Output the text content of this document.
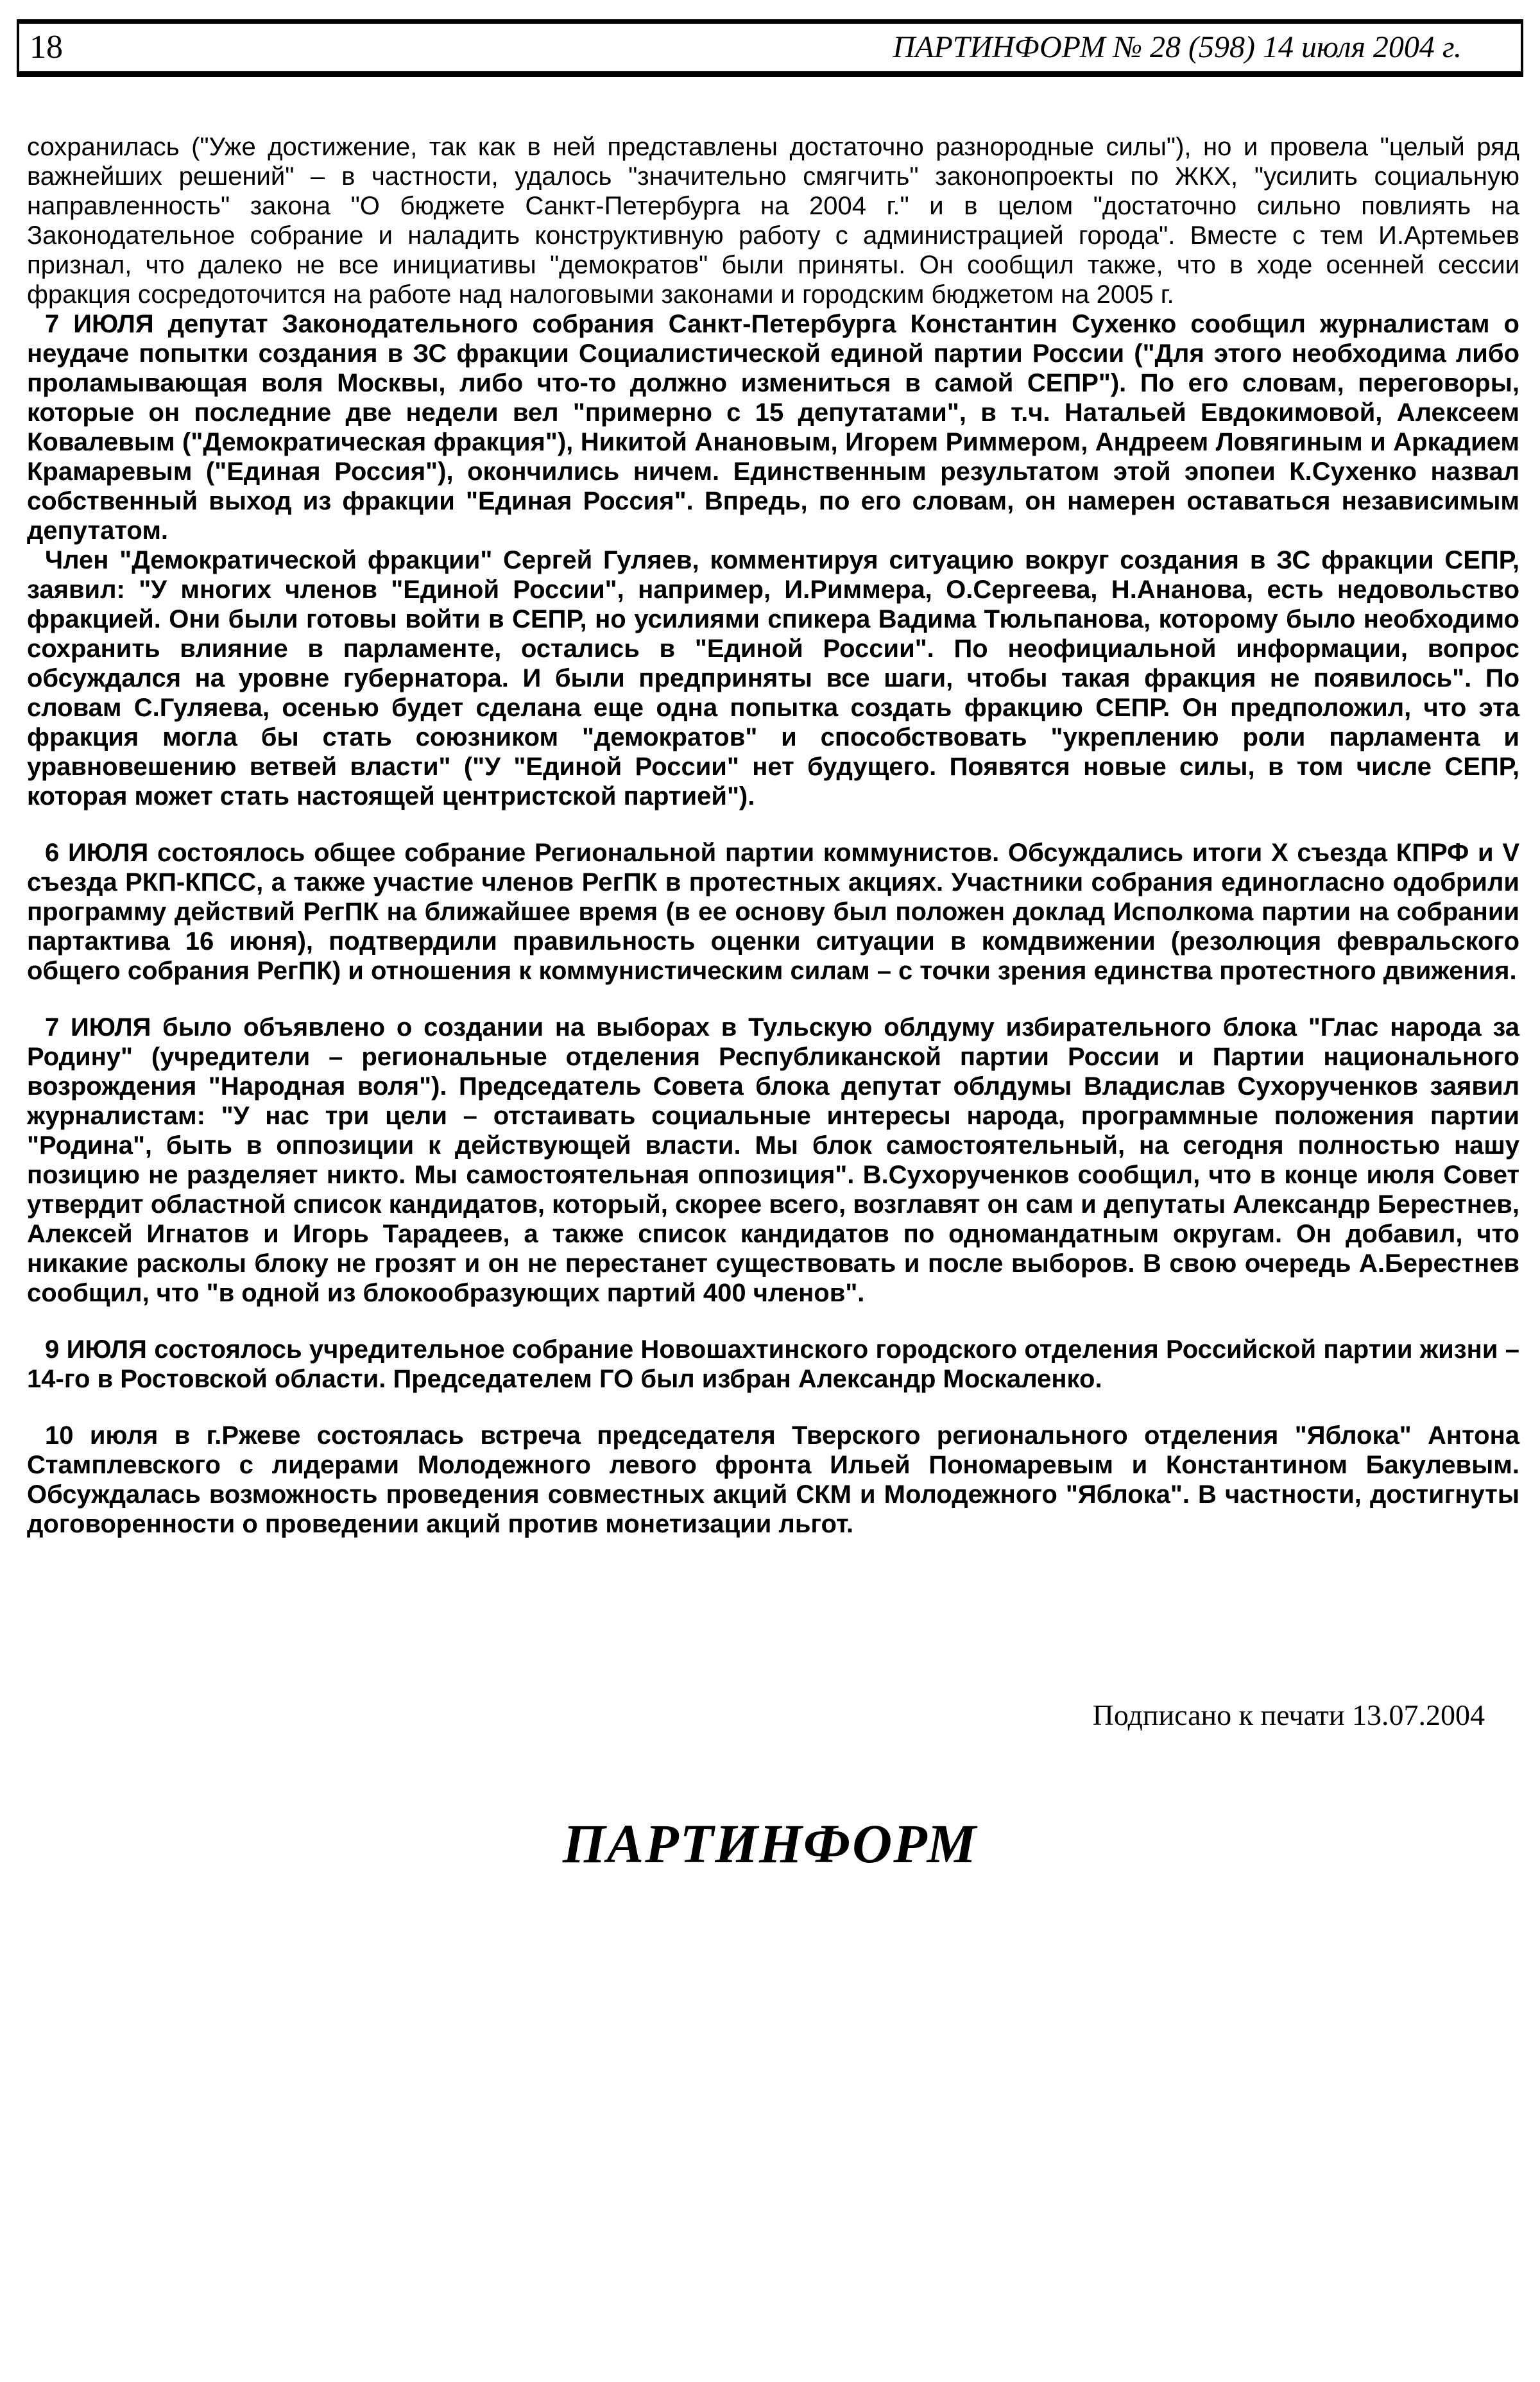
18	ПАРТИНФОРМ № 28 (598) 14 июля 2004 г.

сохранилась ("Уже достижение, так как в ней представлены достаточно разнородные силы"), но и провела "целый ряд важнейших решений" – в частности, удалось "значительно смягчить" законопроекты по ЖКХ, "усилить социальную направленность" закона "О бюджете Санкт-Петербурга на 2004 г." и в целом "достаточно сильно повлиять на Законодательное собрание и наладить конструктивную работу с администрацией города". Вместе с тем И.Артемьев признал, что далеко не все инициативы "демократов" были приняты. Он сообщил также, что в ходе осенней сессии фракция сосредоточится на работе над налоговыми законами и городским бюджетом на 2005 г.

7 ИЮЛЯ депутат Законодательного собрания Санкт-Петербурга Константин Сухенко сообщил журналистам о неудаче попытки создания в ЗС фракции Социалистической единой партии России ("Для этого необходима либо проламывающая воля Москвы, либо что-то должно измениться в самой СЕПР"). По его словам, переговоры, которые он последние две недели вел "примерно с 15 депутатами", в т.ч. Натальей Евдокимовой, Алексеем Ковалевым ("Демократическая фракция"), Никитой Анановым, Игорем Риммером, Андреем Ловягиным и Аркадием Крамаревым ("Единая Россия"), окончились ничем. Единственным результатом этой эпопеи К.Сухенко назвал собственный выход из фракции "Единая Россия". Впредь, по его словам, он намерен оставаться независимым депутатом.

Член "Демократической фракции" Сергей Гуляев, комментируя ситуацию вокруг создания в ЗС фракции СЕПР, заявил: "У многих членов "Единой России", например, И.Риммера, О.Сергеева, Н.Ананова, есть недовольство фракцией. Они были готовы войти в СЕПР, но усилиями спикера Вадима Тюльпанова, которому было необходимо сохранить влияние в парламенте, остались в "Единой России". По неофициальной информации, вопрос обсуждался на уровне губернатора. И были предприняты все шаги, чтобы такая фракция не появилось". По словам С.Гуляева, осенью будет сделана еще одна попытка создать фракцию СЕПР. Он предположил, что эта фракция могла бы стать союзником "демократов" и способствовать "укреплению роли парламента и уравновешению ветвей власти" ("У "Единой России" нет будущего. Появятся новые силы, в том числе СЕПР, которая может стать настоящей центристской партией").

6 ИЮЛЯ состоялось общее собрание Региональной партии коммунистов. Обсуждались итоги X съезда КПРФ и V съезда РКП-КПСС, а также участие членов РегПК в протестных акциях. Участники собрания единогласно одобрили программу действий РегПК на ближайшее время (в ее основу был положен доклад Исполкома партии на собрании партактива 16 июня), подтвердили правильность оценки ситуации в комдвижении (резолюция февральского общего собрания РегПК) и отношения к коммунистическим силам – с точки зрения единства протестного движения.

7 ИЮЛЯ было объявлено о создании на выборах в Тульскую облдуму избирательного блока "Глас народа за Родину" (учредители – региональные отделения Республиканской партии России и Партии национального возрождения "Народная воля"). Председатель Совета блока депутат облдумы Владислав Сухорученков заявил журналистам: "У нас три цели – отстаивать социальные интересы народа, программные положения партии "Родина", быть в оппозиции к действующей власти. Мы блок самостоятельный, на сегодня полностью нашу позицию не разделяет никто. Мы самостоятельная оппозиция". В.Сухорученков сообщил, что в конце июля Совет утвердит областной список кандидатов, который, скорее всего, возглавят он сам и депутаты Александр Берестнев, Алексей Игнатов и Игорь Тарадеев, а также список кандидатов по одномандатным округам. Он добавил, что никакие расколы блоку не грозят и он не перестанет существовать и после выборов. В свою очередь А.Берестнев сообщил, что "в одной из блокообразующих партий 400 членов".

9 ИЮЛЯ состоялось учредительное собрание Новошахтинского городского отделения Российской партии жизни – 14-го в Ростовской области. Председателем ГО был избран Александр Москаленко.

10 июля в г.Ржеве состоялась встреча председателя Тверского регионального отделения "Яблока" Антона Стамплевского с лидерами Молодежного левого фронта Ильей Пономаревым и Константином Бакулевым. Обсуждалась возможность проведения совместных акций СКМ и Молодежного "Яблока". В частности, достигнуты договоренности о проведении акций против монетизации льгот.

Подписано к печати 13.07.2004
ПАРТИНФОРМ
